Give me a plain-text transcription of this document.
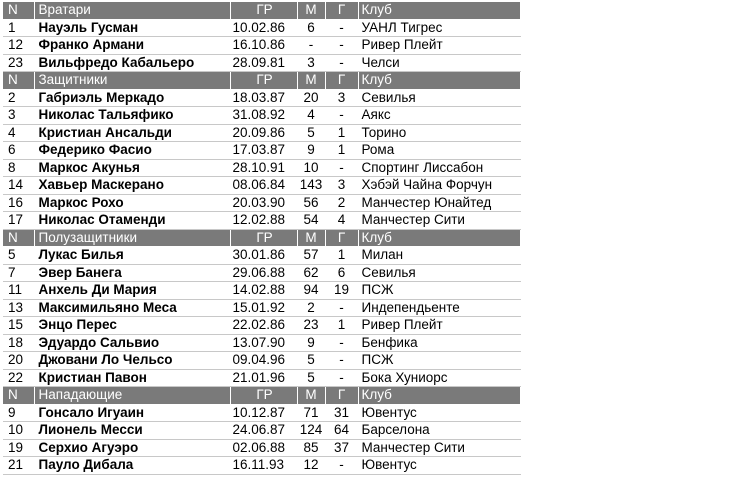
N	Вратари	ГР	М	Г	Клуб
1	Науэль Гусман	10.02.86	6	-	УАНЛ Тигрес
12	Франко Армани	16.10.86	-	-	Ривер Плейт
23	Вильфредо Кабальеро	28.09.81	3	-	Челси
N	Защитники	ГР	М	Г	Клуб
2	Габриэль Меркадо	18.03.87	20	3	Севилья
3	Николас Тальяфико	31.08.92	4	-	Аякс
4	Кристиан Ансальди	20.09.86	5	1	Торино
6	Федерико Фасио	17.03.87	9	1	Рома
8	Маркос Акунья	28.10.91	10	-	Спортинг Лиссабон
14	Хавьер Маскерано	08.06.84	143	3	Хэбэй Чайна Форчун
16	Маркос Рохо	20.03.90	56	2	Манчестер Юнайтед
17	Николас Отаменди	12.02.88	54	4	Манчестер Сити
N	Полузащитники	ГР	М	Г	Клуб
5	Лукас Билья	30.01.86	57	1	Милан
7	Эвер Банега	29.06.88	62	6	Севилья
11	Анхель Ди Мария	14.02.88	94	19	ПСЖ
13	Максимильяно Меса	15.01.92	2	-	Индепендьенте
15	Энцо Перес	22.02.86	23	1	Ривер Плейт
18	Эдуардо Сальвио	13.07.90	9	-	Бенфика
20	Джовани Ло Чельсо	09.04.96	5	-	ПСЖ
22	Кристиан Павон	21.01.96	5	-	Бока Хуниорс
N	Нападающие	ГР	М	Г	Клуб
9	Гонсало Игуаин	10.12.87	71	31	Ювентус
10	Лионель Месси	24.06.87	124	64	Барселона
19	Серхио Агуэро	02.06.88	85	37	Манчестер Сити
21	Пауло Дибала	16.11.93	12	-	Ювентус
